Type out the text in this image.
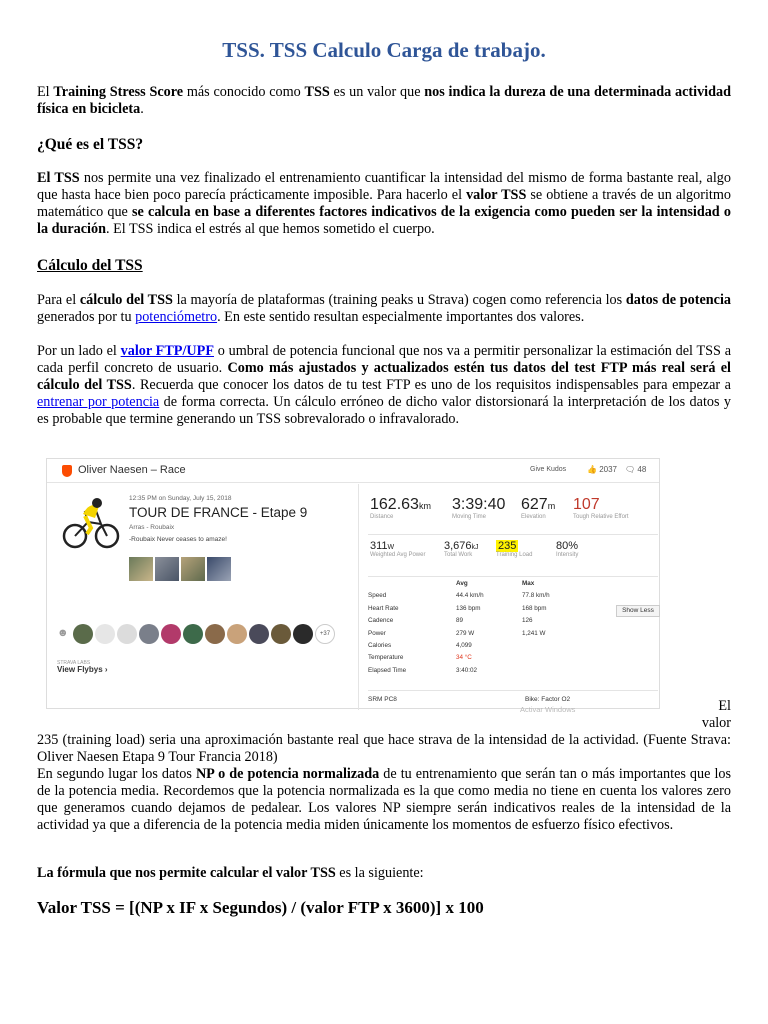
TSS. TSS Calculo Carga de trabajo.
El Training Stress Score más conocido como TSS es un valor que nos indica la dureza de una determinada actividad física en bicicleta.
¿Qué es el TSS?
El TSS nos permite una vez finalizado el entrenamiento cuantificar la intensidad del mismo de forma bastante real, algo que hasta hace bien poco parecía prácticamente imposible. Para hacerlo el valor TSS se obtiene a través de un algoritmo matemático que se calcula en base a diferentes factores indicativos de la exigencia como pueden ser la intensidad o la duración. El TSS indica el estrés al que hemos sometido el cuerpo.
Cálculo del TSS
Para el cálculo del TSS la mayoría de plataformas (training peaks u Strava) cogen como referencia los datos de potencia generados por tu potenciómetro. En este sentido resultan especialmente importantes dos valores.
Por un lado el valor FTP/UPF o umbral de potencia funcional que nos va a permitir personalizar la estimación del TSS a cada perfil concreto de usuario. Como más ajustados y actualizados estén tus datos del test FTP más real será el cálculo del TSS. Recuerda que conocer los datos de tu test FTP es uno de los requisitos indispensables para empezar a entrenar por potencia de forma correcta. Un cálculo erróneo de dicho valor distorsionará la interpretación de los datos y es probable que termine generando un TSS sobrevalorado o infravalorado.
Oliver Naesen – Race	Give Kudos	👍 2037 🗨 48
12:35 PM on Sunday, July 15, 2018
TOUR DE FRANCE - Etape 9
Arras - Roubaix
-Roubaix Never ceases to amaze!
☻	+37
STRAVA LABS
View Flybys ›
162.63km
Distance
3:39:40
Moving Time
627m
Elevation
107
Tough Relative Effort
311W
Weighted Avg Power
3,676kJ
Total Work
235
Training Load
80%
Intensity
Show Less
Avg	Max
Speed	44.4 km/h	77.8 km/h
Heart Rate	136 bpm	168 bpm
Cadence	89	126
Power	279 W	1,241 W
Calories	4,099
Temperature	34 °C
Elapsed Time	3:40:02
SRM PC8	Bike: Factor O2
Activar Windows	El valor
235 (training load) seria una aproximación bastante real que hace strava de la intensidad de la actividad. (Fuente Strava: Oliver Naesen Etapa 9 Tour Francia 2018)
En segundo lugar los datos NP o de potencia normalizada de tu entrenamiento que serán tan o más importantes que los de la potencia media. Recordemos que la potencia normalizada es la que como media no tiene en cuenta los valores zero que generamos cuando dejamos de pedalear. Los valores NP siempre serán indicativos reales de la intensidad de la actividad ya que a diferencia de la potencia media miden únicamente los momentos de esfuerzo físico efectivos.
La fórmula que nos permite calcular el valor TSS es la siguiente:
Valor TSS = [(NP x IF x Segundos) / (valor FTP x 3600)] x 100
